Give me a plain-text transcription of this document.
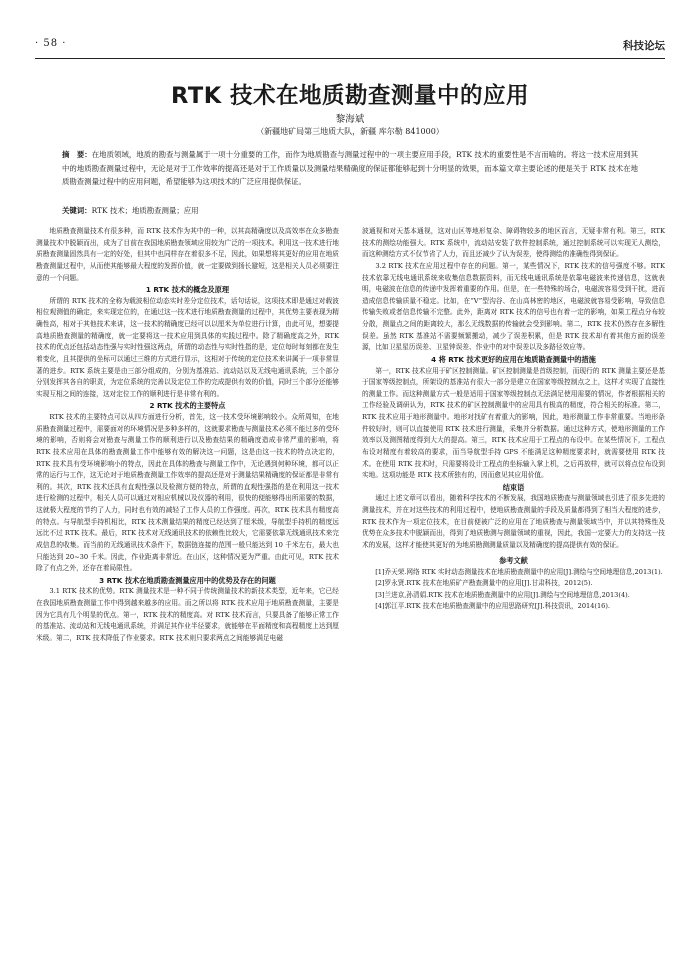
· 58 ·	科技论坛
RTK 技术在地质勘查测量中的应用
黎海斌
（新疆地矿局第三地质大队，新疆 库尔勒 841000）
摘　要：在地质领域，地质的勘查与测量属于一项十分重要的工作，而作为地质勘查与测量过程中的一项主要应用手段，RTK 技术的重要性是不言而喻的。将这一技术应用到其中的地质勘查测量过程中，无论是对于工作效率的提高还是对于工作质量以及测量结果精确度的保证都能够起到十分明显的效果，而本篇文章主要论述的便是关于 RTK 技术在地质勘查测量过程中的应用问题，希望能够为这项技术的广泛应用提供保证。
关键词：RTK 技术；地质勘查测量；应用

地质勘查测量技术有很多种，而 RTK 技术作为其中的一种，以其高精确度以及高效率在众多勘查测量技术中脱颖而出，成为了目前在我国地质勘查领域应用较为广泛的一项技术。利用这一技术进行地质勘查测量固然具有一定的好处，但其中也同样存在着很多不足，因此，如果想将其更好的应用在地质勘查测量过程中，从而使其能够最大程度的发挥价值，就一定要做到扬长避短，这是相关人员必须要注意的一个问题。

1 RTK 技术的概念及原理

所谓的 RTK 技术的全称为载波相位动态实时差分定位技术，话句话说，这项技术即是通过对载波相位观测值的确定，来实现定位的，在通过这一技术进行地质勘查测量的过程中，其优势主要表现为精确性高，相对于其他技术来讲，这一技术的精确度已经可以以厘米为单位进行计算，由此可见，想要提高地质勘查测量的精确度，就一定要将这一技术应用到具体的实践过程中。除了精确度高之外，RTK 技术的优点还包括动态性强与实时性强这两点，所谓的动态性与实时性指的是，定位每时每刻都在发生着变化，且其提供的坐标可以通过三维的方式进行显示，这相对于传统的定位技术来讲属于一项非常显著的进步。RTK 系统主要是由三部分组成的，分别为基准站、流动站以及无线电通讯系统，三个部分分别发挥其各自的职责，为定位系统的完善以及定位工作的完成提供有效的价值，同时三个部分还能够实现互相之间的连接，这对定位工作的顺利进行是非常有利的。

2 RTK 技术的主要特点

RTK 技术的主要特点可以从四方面进行分析，首先，这一技术受环境影响较小。众所周知，在地质勘查测量过程中，需要面对的环境情况是多种多样的，这就要求勘查与测量技术必须不能过多的受环境的影响，否则将会对勘查与测量工作的顺利进行以及勘查结果的精确度造成非常严重的影响，将 RTK 技术应用在具体的勘查测量工作中能够有效的解决这一问题，这是由这一技术的特点决定的，RTK 技术具有受环境影响小的特点，因此在具体的勘查与测量工作中，无论遇到何种环境，都可以正常的运行与工作，这无论对于地质勘查测量工作效率的提高还是对于测量结果精确度的保证都是非常有利的。其次，RTK 技术还具有直观性强以及检测方便的特点，所谓的直观性强指的是在利用这一技术进行检测的过程中，相关人员可以通过对相应机械以及仪器的利用，很快的便能够得出所需要的数据，这就极大程度的节约了人力，同时也有效的减轻了工作人员的工作强度。再次，RTK 技术具有精度高的特点。与导航型手持机相比，RTK 技术测量结果的精度已经达到了厘米级，导航型手持机的精度远远比不过 RTK 技术。最后，RTK 技术对无线通讯技术的依赖性比较大，它需要依靠无线通讯技术来完成信息的收集。而当前的无线通讯技术条件下，数据链连接的范围一般只能达到 10 千米左右，最大也只能达到 20~30 千米。因此，作业距离非常近。在山区，这种情况更为严重。由此可见，RTK 技术除了有点之外，还存在着局限性。

3 RTK 技术在地质勘查测量应用中的优势及存在的问题

3.1 RTK 技术的优势。RTK 测量技术是一种不同于传统测量技术的新技术类型，近年来，它已经在我国地质勘查测量工作中得到越来越多的应用。而之所以将 RTK 技术应用于地质勘查测量，主要是因为它具有几个明显的优点。第一，RTK 技术的精度高。对 RTK 技术而言，只要具备了能够正常工作的基准站、流动站和无线电通讯系统，并满足其作业半径要求，就能够在平面精度和高程精度上达到厘米级。第二，RTK 技术降低了作业要求。RTK 技术则只要求两点之间能够满足电磁

波通视和对天基本通视，这对山区等地形复杂、障碍物较多的地区而言，无疑非常有利。第三，RTK 技术的测绘功能强大。RTK 系统中，流动站安装了软件控制系统，通过控制系统可以实现无人测绘，而这种测绘方式不仅节省了人力，而且还减少了认为误差，使得测绘的准确性得到保证。

3.2 RTK 技术在应用过程中存在的问题。第一，某些情况下，RTK 技术的信号强度不够。RTK 技术依靠无线电通讯系统来收集信息数据资料，而无线电通讯系统是依靠电磁波来传递信息，这就表明，电磁波在信息的传递中发挥着重要的作用。但是，在一些特殊的场合，电磁波容易受到干扰，进而造成信息传输质量不稳定。比如，在“V”型沟谷、在山高林密的地区，电磁波就容易受影响，导致信息传输失败或者信息传输不完整。此外，距离对 RTK 技术的信号也有着一定的影响，如果工程点分布较分散，测量点之间的距离较大，那么无线数据的传输就会受到影响。第二，RTK 技术仍然存在多解性误差。虽然 RTK 基准站不需要频繁搬动，减少了误差积累，但是 RTK 技术却有着其他方面的误差源，比如卫星星历误差、卫星钟误差、作业中的对中误差以及多路径效应等。

4 将 RTK 技术更好的应用在地质勘查测量中的措施

第一，RTK 技术应用于矿区控制测量。矿区控制测量是首级控制，而现行的 RTK 测量主要还是基于国家等级控制点，所架设的基准站有很大一部分是建立在国家等级控制点之上，这样才实现了直接性的测量工作。而这种测量方式一般是适用于国家等级控制点无法满足使用需要的情况，作者根据相关的工作经验及调研认为，RTK 技术的矿区控制测量中的应用具有极高的精度，符合相关的标准。第二，RTK 技术应用于地形测量中。地形对找矿有着重大的影响，因此，地形测量工作非常重要。当地形条件较好时，则可以直接使用 RTK 技术进行测量，采集并分析数据。通过这种方式，使地形测量的工作效率以及测图精度得到大大的提高。第三，RTK 技术应用于工程点的布设中。在某些情况下，工程点布设对精度有着较高的要求，而当导航型手持 GPS 不能满足这种精度要求时，就需要使用 RTK 技术。在使用 RTK 技术时，只需要将设计工程点的坐标输入掌上机，之后再放样，就可以将点位布设到实地。这项功能是 RTK 技术所独有的，因而愈见其应用价值。

结束语

通过上述文章可以看出，随着科学技术的不断发展，我国地质勘查与测量领域也引进了很多先进的测量技术，并在对这些技术的利用过程中，使地质勘查测量的手段及质量都得到了相当大程度的进步，RTK 技术作为一项定位技术，在目前便被广泛的应用在了地质勘查与测量领域当中，并以其特殊性及优势在众多技术中脱颖而出，得到了地质勘测与测量领域的重视，因此，我国一定要大力的支持这一技术的发展，这样才能使其更好的为地质勘测测量质量以及精确度的提高提供有效的保证。

参考文献

[1]乔天荣.网络 RTK 实时动态测量技术在地质勘查测量中的应用[J].测绘与空间地理信息,2013(1).

[2]罗永贤.RTK 技术在地质矿产勘查测量中的应用[J].甘肃科技，2012(5).

[3]兰进京,孙清娟.RTK 技术在地质勘查测量中的应用[J].测绘与空间地理信息,2013(4).

[4]郭江平.RTK 技术在地质勘查测量中的应用思路研究[J].科技资讯，2014(16).
